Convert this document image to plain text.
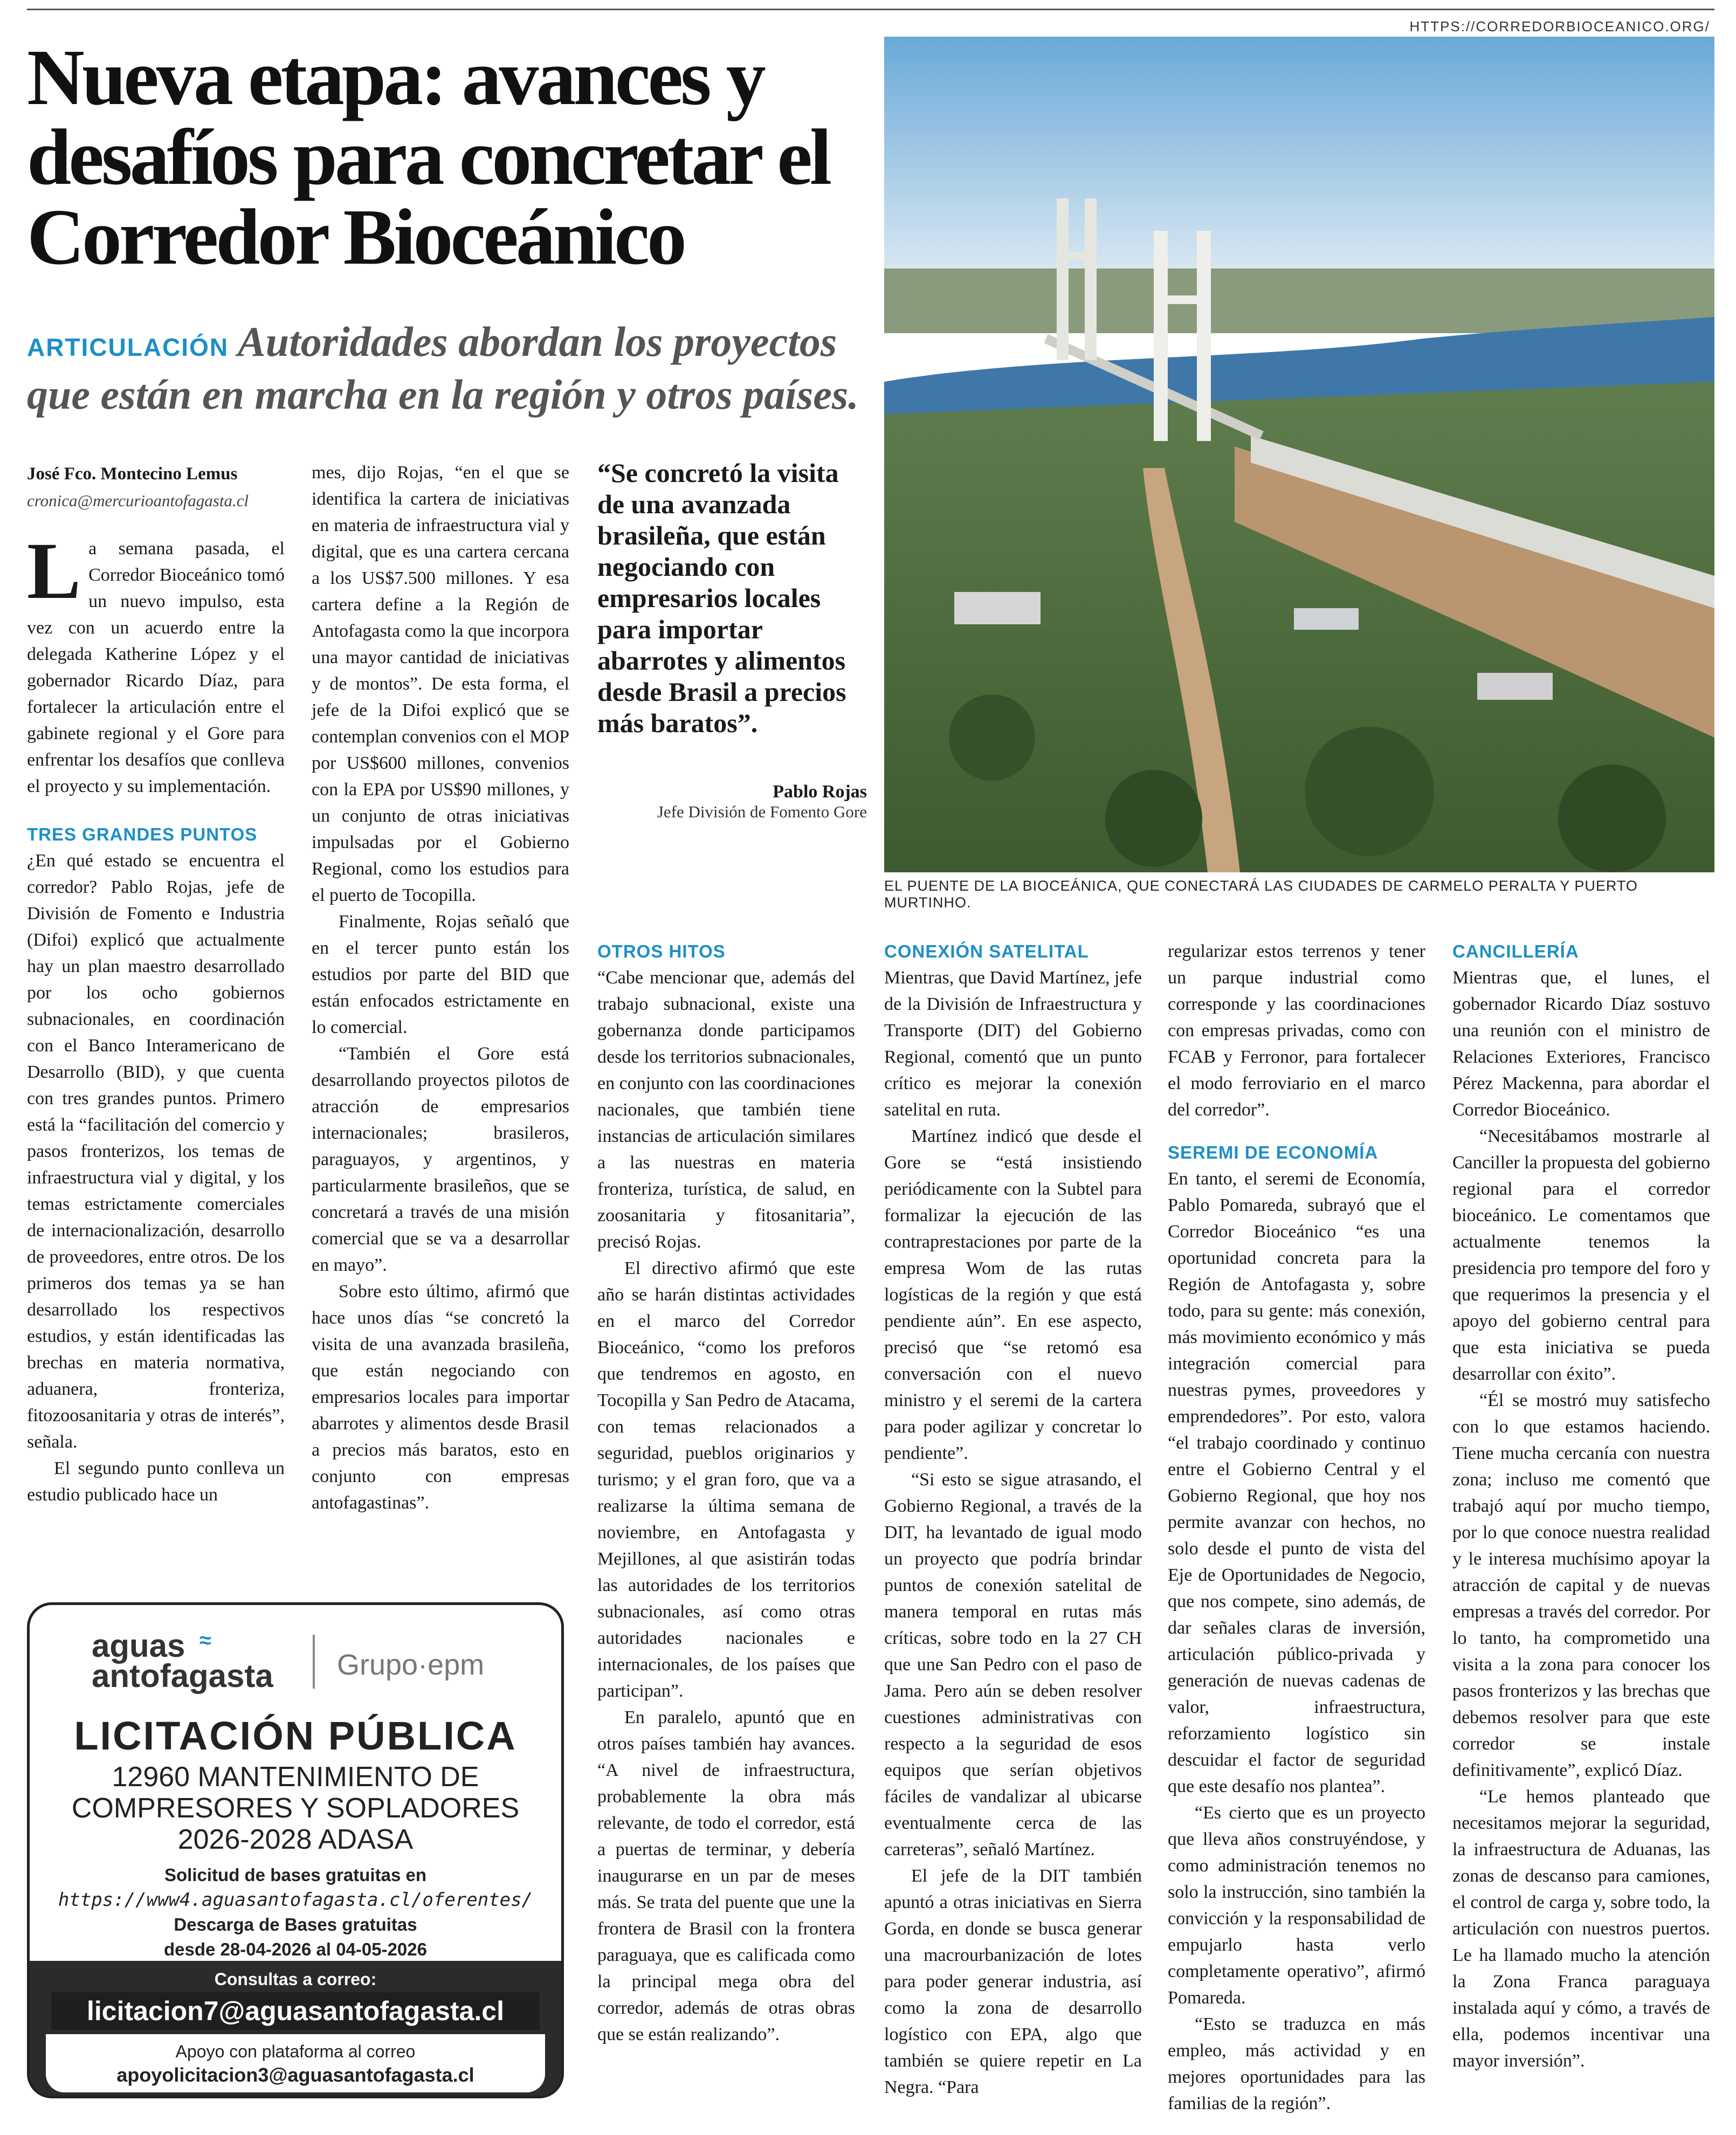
HTTPS://CORREDORBIOCEANICO.ORG/
Nueva etapa: avances y desafíos para concretar el Corredor Bioceánico
ARTICULACIÓN Autoridades abordan los proyectos que están en marcha en la región y otros países.
EL PUENTE DE LA BIOCEÁNICA, QUE CONECTARÁ LAS CIUDADES DE CARMELO PERALTA Y PUERTO MURTINHO.
José Fco. Montecino Lemus
cronica@mercurioantofagasta.cl

La semana pasada, el Corredor Bioceánico tomó un nuevo impulso, esta vez con un acuerdo entre la delegada Katherine López y el gobernador Ricardo Díaz, para fortalecer la articulación entre el gabinete regional y el Gore para enfrentar los desafíos que conlleva el proyecto y su implementación.

TRES GRANDES PUNTOS

¿En qué estado se encuentra el corredor? Pablo Rojas, jefe de División de Fomento e Industria (Difoi) explicó que actualmente hay un plan maestro desarrollado por los ocho gobiernos subnacionales, en coordinación con el Banco Interamericano de Desarrollo (BID), y que cuenta con tres grandes puntos. Primero está la “facilitación del comercio y pasos fronterizos, los temas de infraestructura vial y digital, y los temas estrictamente comerciales de internacionalización, desarrollo de proveedores, entre otros. De los primeros dos temas ya se han desarrollado los respectivos estudios, y están identificadas las brechas en materia normativa, aduanera, fronteriza, fitozoosanitaria y otras de interés”, señala.

El segundo punto conlleva un estudio publicado hace un

mes, dijo Rojas, “en el que se identifica la cartera de iniciativas en materia de infraestructura vial y digital, que es una cartera cercana a los US$7.500 millones. Y esa cartera define a la Región de Antofagasta como la que incorpora una mayor cantidad de iniciativas y de montos”. De esta forma, el jefe de la Difoi explicó que se contemplan convenios con el MOP por US$600 millones, convenios con la EPA por US$90 millones, y un conjunto de otras iniciativas impulsadas por el Gobierno Regional, como los estudios para el puerto de Tocopilla.

Finalmente, Rojas señaló que en el tercer punto están los estudios por parte del BID que están enfocados estrictamente en lo comercial.

“También el Gore está desarrollando proyectos pilotos de atracción de empresarios internacionales; brasileros, paraguayos, y argentinos, y particularmente brasileños, que se concretará a través de una misión comercial que se va a desarrollar en mayo”.

Sobre esto último, afirmó que hace unos días “se concretó la visita de una avanzada brasileña, que están negociando con empresarios locales para importar abarrotes y alimentos desde Brasil a precios más baratos, esto en conjunto con empresas antofagastinas”.

“Se concretó la visita de una avanzada brasileña, que están negociando con empresarios locales para importar abarrotes y alimentos desde Brasil a precios más baratos”.
Pablo Rojas
Jefe División de Fomento Gore
OTROS HITOS

“Cabe mencionar que, además del trabajo subnacional, existe una gobernanza donde participamos desde los territorios subnacionales, en conjunto con las coordinaciones nacionales, que también tiene instancias de articulación similares a las nuestras en materia fronteriza, turística, de salud, en zoosanitaria y fitosanitaria”, precisó Rojas.

El directivo afirmó que este año se harán distintas actividades en el marco del Corredor Bioceánico, “como los preforos que tendremos en agosto, en Tocopilla y San Pedro de Atacama, con temas relacionados a seguridad, pueblos originarios y turismo; y el gran foro, que va a realizarse la última semana de noviembre, en Antofagasta y Mejillones, al que asistirán todas las autoridades de los territorios subnacionales, así como otras autoridades nacionales e internacionales, de los países que participan”.

En paralelo, apuntó que en otros países también hay avances. “A nivel de infraestructura, probablemente la obra más relevante, de todo el corredor, está a puertas de terminar, y debería inaugurarse en un par de meses más. Se trata del puente que une la frontera de Brasil con la frontera paraguaya, que es calificada como la principal mega obra del corredor, además de otras obras que se están realizando”.

CONEXIÓN SATELITAL

Mientras, que David Martínez, jefe de la División de Infraestructura y Transporte (DIT) del Gobierno Regional, comentó que un punto crítico es mejorar la conexión satelital en ruta.

Martínez indicó que desde el Gore se “está insistiendo periódicamente con la Subtel para formalizar la ejecución de las contraprestaciones por parte de la empresa Wom de las rutas logísticas de la región y que está pendiente aún”. En ese aspecto, precisó que “se retomó esa conversación con el nuevo ministro y el seremi de la cartera para poder agilizar y concretar lo pendiente”.

“Si esto se sigue atrasando, el Gobierno Regional, a través de la DIT, ha levantado de igual modo un proyecto que podría brindar puntos de conexión satelital de manera temporal en rutas más críticas, sobre todo en la 27 CH que une San Pedro con el paso de Jama. Pero aún se deben resolver cuestiones administrativas con respecto a la seguridad de esos equipos que serían objetivos fáciles de vandalizar al ubicarse eventualmente cerca de las carreteras”, señaló Martínez.

El jefe de la DIT también apuntó a otras iniciativas en Sierra Gorda, en donde se busca generar una macrourbanización de lotes para poder generar industria, así como la zona de desarrollo logístico con EPA, algo que también se quiere repetir en La Negra. “Para

regularizar estos terrenos y tener un parque industrial como corresponde y las coordinaciones con empresas privadas, como con FCAB y Ferronor, para fortalecer el modo ferroviario en el marco del corredor”.

SEREMI DE ECONOMÍA

En tanto, el seremi de Economía, Pablo Pomareda, subrayó que el Corredor Bioceánico “es una oportunidad concreta para la Región de Antofagasta y, sobre todo, para su gente: más conexión, más movimiento económico y más integración comercial para nuestras pymes, proveedores y emprendedores”. Por esto, valora “el trabajo coordinado y continuo entre el Gobierno Central y el Gobierno Regional, que hoy nos permite avanzar con hechos, no solo desde el punto de vista del Eje de Oportunidades de Negocio, que nos compete, sino además, de dar señales claras de inversión, articulación público-privada y generación de nuevas cadenas de valor, infraestructura, reforzamiento logístico sin descuidar el factor de seguridad que este desafío nos plantea”.

“Es cierto que es un proyecto que lleva años construyéndose, y como administración tenemos no solo la instrucción, sino también la convicción y la responsabilidad de empujarlo hasta verlo completamente operativo”, afirmó Pomareda.

“Esto se traduzca en más empleo, más actividad y en mejores oportunidades para las familias de la región”.

CANCILLERÍA

Mientras que, el lunes, el gobernador Ricardo Díaz sostuvo una reunión con el ministro de Relaciones Exteriores, Francisco Pérez Mackenna, para abordar el Corredor Bioceánico.

“Necesitábamos mostrarle al Canciller la propuesta del gobierno regional para el corredor bioceánico. Le comentamos que actualmente tenemos la presidencia pro tempore del foro y que requerimos la presencia y el apoyo del gobierno central para que esta iniciativa se pueda desarrollar con éxito”.

“Él se mostró muy satisfecho con lo que estamos haciendo. Tiene mucha cercanía con nuestra zona; incluso me comentó que trabajó aquí por mucho tiempo, por lo que conoce nuestra realidad y le interesa muchísimo apoyar la atracción de capital y de nuevas empresas a través del corredor. Por lo tanto, ha comprometido una visita a la zona para conocer los pasos fronterizos y las brechas que debemos resolver para que este corredor se instale definitivamente”, explicó Díaz.

“Le hemos planteado que necesitamos mejorar la seguridad, la infraestructura de Aduanas, las zonas de descanso para camiones, el control de carga y, sobre todo, la articulación con nuestros puertos. Le ha llamado mucho la atención la Zona Franca paraguaya instalada aquí y cómo, a través de ella, podemos incentivar una mayor inversión”.

≈
aguas
antofagasta Grupo·epm
LICITACIÓN PÚBLICA
12960 MANTENIMIENTO DE
COMPRESORES Y SOPLADORES
2026-2028 ADASA
Solicitud de bases gratuitas en
https://www4.aguasantofagasta.cl/oferentes/
Descarga de Bases gratuitas
desde 28-04-2026 al 04-05-2026
Consultas a correo:
licitacion7@aguasantofagasta.cl
Apoyo con plataforma al correo
apoyolicitacion3@aguasantofagasta.cl
